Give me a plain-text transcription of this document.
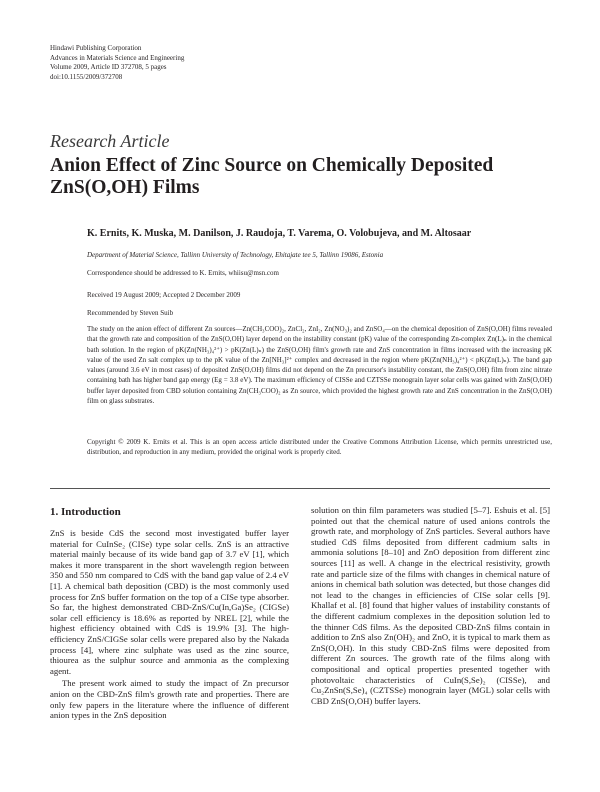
Hindawi Publishing Corporation
Advances in Materials Science and Engineering
Volume 2009, Article ID 372708, 5 pages
doi:10.1155/2009/372708
Research Article
Anion Effect of Zinc Source on Chemically Deposited
ZnS(O,OH) Films
K. Ernits, K. Muska, M. Danilson, J. Raudoja, T. Varema, O. Volobujeva, and M. Altosaar
Department of Material Science, Tallinn University of Technology, Ehitajate tee 5, Tallinn 19086, Estonia
Correspondence should be addressed to K. Ernits, whiisu@msn.com
Received 19 August 2009; Accepted 2 December 2009
Recommended by Steven Suib
The study on the anion effect of different Zn sources—Zn(CH₃COO)₂, ZnCl₂, ZnI₂, Zn(NO₃)₂ and ZnSO₄—on the chemical deposition of ZnS(O,OH) films revealed that the growth rate and composition of the ZnS(O,OH) layer depend on the instability constant (pK) value of the corresponding Zn-complex Zn(L)ₙ in the chemical bath solution. In the region of pK(Zn(NH₃)₄²⁺) > pK(Zn(L)ₙ) the ZnS(O,OH) film's growth rate and ZnS concentration in films increased with the increasing pK value of the used Zn salt complex up to the pK value of the Zn[NH₃]²⁺ complex and decreased in the region where pK(Zn(NH₃)₄²⁺) < pK(Zn(L)ₙ). The band gap values (around 3.6 eV in most cases) of deposited ZnS(O,OH) films did not depend on the Zn precursor's instability constant, the ZnS(O,OH) film from zinc nitrate containing bath has higher band gap energy (Eg = 3.8 eV). The maximum efficiency of CISSe and CZTSSe monograin layer solar cells was gained with ZnS(O,OH) buffer layer deposited from CBD solution containing Zn(CH₃COO)₂ as Zn source, which provided the highest growth rate and ZnS concentration in the ZnS(O,OH) film on glass substrates.
Copyright © 2009 K. Ernits et al. This is an open access article distributed under the Creative Commons Attribution License, which permits unrestricted use, distribution, and reproduction in any medium, provided the original work is properly cited.
1. Introduction

ZnS is beside CdS the second most investigated buffer layer material for CuInSe₂ (CISe) type solar cells. ZnS is an attractive material mainly because of its wide band gap of 3.7 eV [1], which makes it more transparent in the short wavelength region between 350 and 550 nm compared to CdS with the band gap value of 2.4 eV [1]. A chemical bath deposition (CBD) is the most commonly used process for ZnS buffer formation on the top of a CISe type absorber. So far, the highest demonstrated CBD-ZnS/Cu(In,Ga)Se₂ (CIGSe) solar cell efficiency is 18.6% as reported by NREL [2], while the highest efficiency obtained with CdS is 19.9% [3]. The high-efficiency ZnS/CIGSe solar cells were prepared also by the Nakada process [4], where zinc sulphate was used as the zinc source, thiourea as the sulphur source and ammonia as the complexing agent.

The present work aimed to study the impact of Zn precursor anion on the CBD-ZnS film's growth rate and properties. There are only few papers in the literature where the influence of different anion types in the ZnS deposition

solution on thin film parameters was studied [5–7]. Eshuis et al. [5] pointed out that the chemical nature of used anions controls the growth rate, and morphology of ZnS particles. Several authors have studied CdS films deposited from different cadmium salts in ammonia solutions [8–10] and ZnO deposition from different zinc sources [11] as well. A change in the electrical resistivity, growth rate and particle size of the films with changes in chemical nature of anions in chemical bath solution was detected, but those changes did not lead to the changes in efficiencies of CISe solar cells [9]. Khallaf et al. [8] found that higher values of instability constants of the different cadmium complexes in the deposition solution led to the thinner CdS films. As the deposited CBD-ZnS films contain in addition to ZnS also Zn(OH)₂ and ZnO, it is typical to mark them as ZnS(O,OH). In this study CBD-ZnS films were deposited from different Zn sources. The growth rate of the films along with compositional and optical properties presented together with photovoltaic characteristics of CuIn(S,Se)₂ (CISSe), and Cu₂ZnSn(S,Se)₄ (CZTSSe) monograin layer (MGL) solar cells with CBD ZnS(O,OH) buffer layers.
